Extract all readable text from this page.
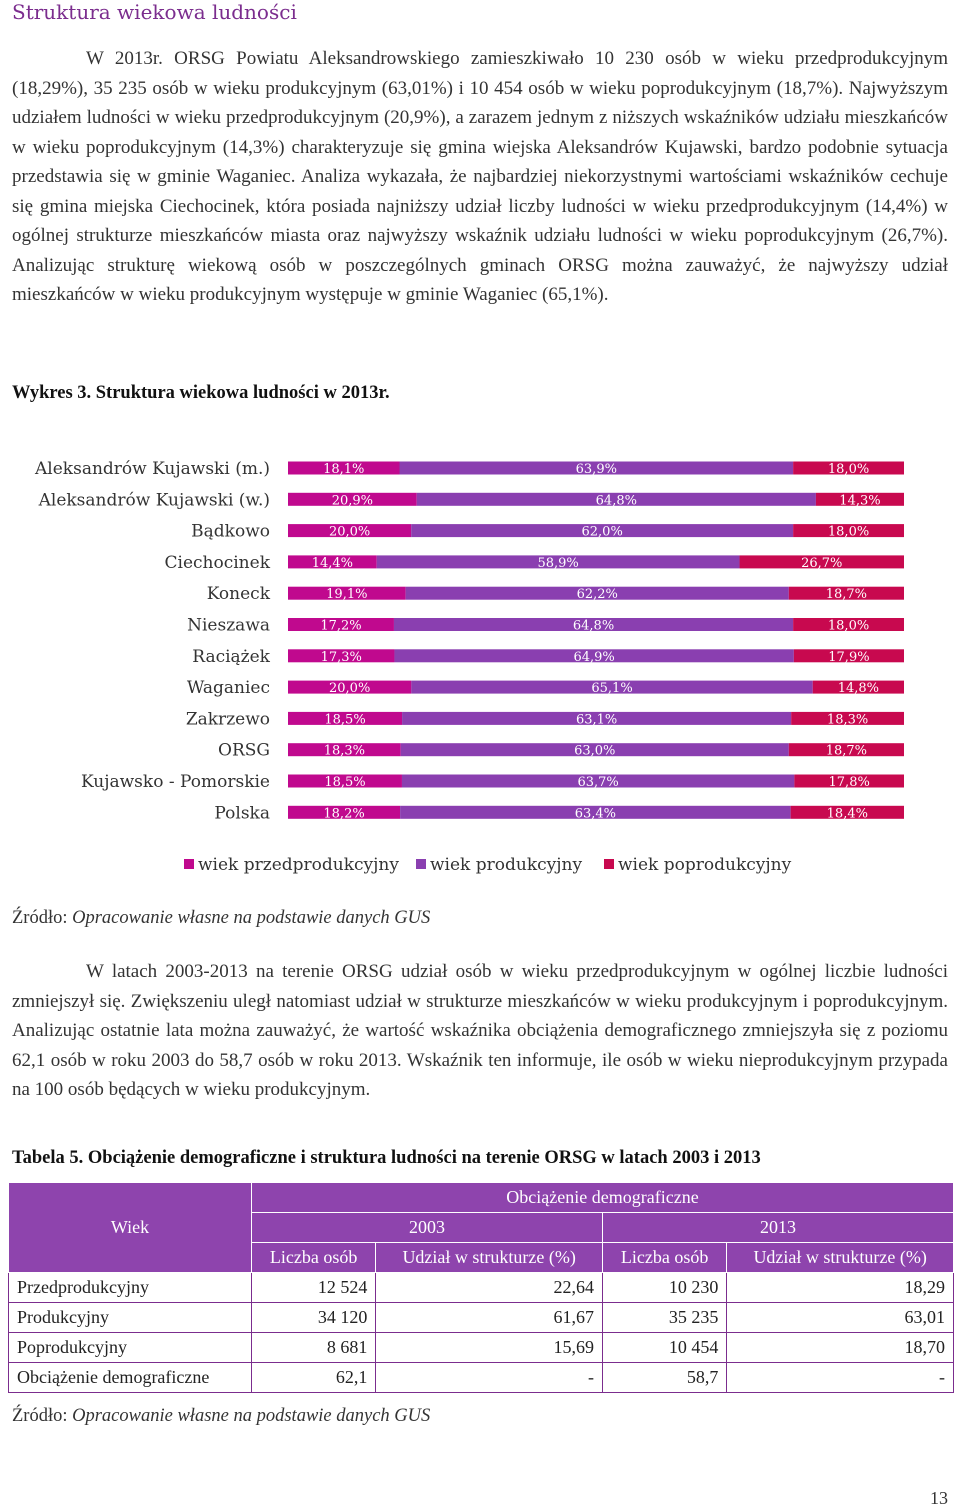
Struktura wiekowa ludności

W 2013r. ORSG Powiatu Aleksandrowskiego zamieszkiwało 10 230 osób w wieku przedprodukcyjnym (18,29%), 35 235 osób w wieku produkcyjnym (63,01%) i 10 454 osób w wieku poprodukcyjnym (18,7%). Najwyższym udziałem ludności w wieku przedprodukcyjnym (20,9%), a zarazem jednym z niższych wskaźników udziału mieszkańców w wieku poprodukcyjnym (14,3%) charakteryzuje się gmina wiejska Aleksandrów Kujawski, bardzo podobnie sytuacja przedstawia się w gminie Waganiec. Analiza wykazała, że najbardziej niekorzystnymi wartościami wskaźników cechuje się gmina miejska Ciechocinek, która posiada najniższy udział liczby ludności w wieku przedprodukcyjnym (14,4%) w ogólnej strukturze mieszkańców miasta oraz najwyższy wskaźnik udziału ludności w wieku poprodukcyjnym (26,7%). Analizując strukturę wiekową osób w poszczególnych gminach ORSG można zauważyć, że najwyższy udział mieszkańców w wieku produkcyjnym występuje w gminie Waganiec (65,1%).

Wykres 3. Struktura wiekowa ludności w 2013r.

Aleksandrów Kujawski (m.)	18,1%	63,9%	18,0%
Aleksandrów Kujawski (w.)	20,9%	64,8%	14,3%
Bądkowo	20,0%	62,0%	18,0%
Ciechocinek	14,4%	58,9%	26,7%
Koneck	19,1%	62,2%	18,7%
Nieszawa	17,2%	64,8%	18,0%
Raciążek	17,3%	64,9%	17,9%
Waganiec	20,0%	65,1%	14,8%
Zakrzewo	18,5%	63,1%	18,3%
ORSG	18,3%	63,0%	18,7%
Kujawsko - Pomorskie	18,5%	63,7%	17,8%
Polska	18,2%	63,4%	18,4%
wiek przedprodukcyjny wiek produkcyjny wiek poprodukcyjny

Źródło: Opracowanie własne na podstawie danych GUS

W latach 2003-2013 na terenie ORSG udział osób w wieku przedprodukcyjnym w ogólnej liczbie ludności zmniejszył się. Zwiększeniu uległ natomiast udział w strukturze mieszkańców w wieku produkcyjnym i poprodukcyjnym. Analizując ostatnie lata można zauważyć, że wartość wskaźnika obciążenia demograficznego zmniejszyła się z poziomu 62,1 osób w roku 2003 do 58,7 osób w roku 2013. Wskaźnik ten informuje, ile osób w wieku nieprodukcyjnym przypada na 100 osób będących w wieku produkcyjnym.

Tabela 5. Obciążenie demograficzne i struktura ludności na terenie ORSG w latach 2003 i 2013

Wiek	Obciążenie demograficzne			
	2003		2013	
	Liczba osób	Udział w strukturze (%)	Liczba osób	Udział w strukturze (%)
Przedprodukcyjny	12 524	22,64	10 230	18,29
Produkcyjny	34 120	61,67	35 235	63,01
Poprodukcyjny	8 681	15,69	10 454	18,70
Obciążenie demograficzne	62,1	-	58,7	-

Źródło: Opracowanie własne na podstawie danych GUS

13
